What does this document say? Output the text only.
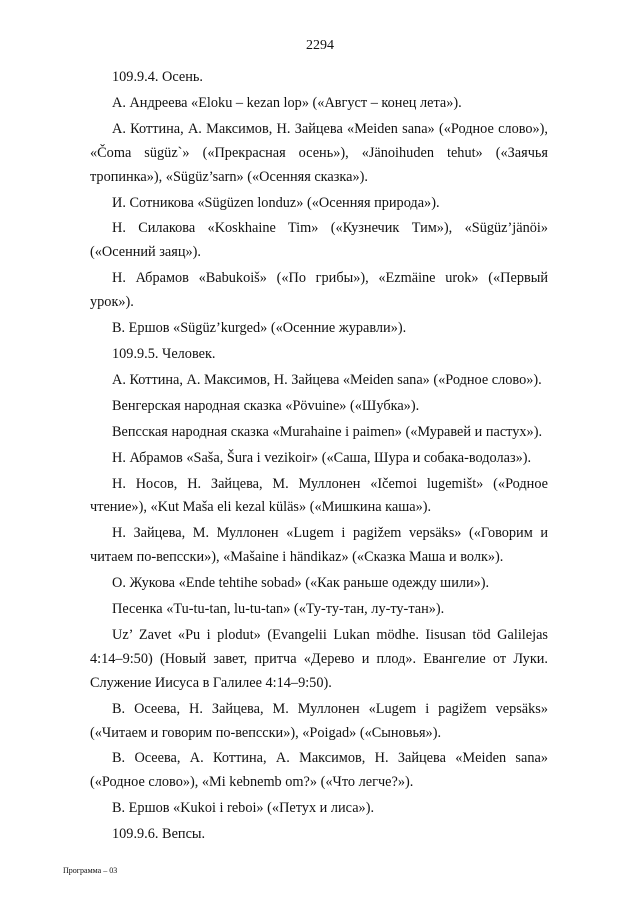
2294

109.9.4. Осень.

А. Андреева «Eloku – kezan lop» («Август – конец лета»).

А. Коттина, А. Максимов, Н. Зайцева «Meiden sana» («Родное слово»), «Čoma sügüz`» («Прекрасная осень»), «Jänoihuden tehut» («Заячья тропинка»), «Sügüz’sarn» («Осенняя сказка»).

И. Сотникова «Sügüzen londuz» («Осенняя природа»).

Н. Силакова «Koskhaine Tim» («Кузнечик Тим»), «Sügüz’jänöi» («Осенний заяц»).

Н. Абрамов «Babukoiš» («По грибы»), «Ezmäine urok» («Первый урок»).

В. Ершов «Sügüz’kurged» («Осенние журавли»).

109.9.5. Человек.

А. Коттина, А. Максимов, Н. Зайцева «Meiden sana» («Родное слово»).

Венгерская народная сказка «Pövuine» («Шубка»).

Вепсская народная сказка «Murahaine i paimen» («Муравей и пастух»).

Н. Абрамов «Saša, Šura i vezikoir» («Саша, Шура и собака-водолаз»).

Н. Носов, Н. Зайцева, М. Муллонен «Ičemoi lugemišt» («Родное чтение»), «Kut Maša eli kezal küläs» («Мишкина каша»).

Н. Зайцева, М. Муллонен «Lugem i pagižem vepsäks» («Говорим и читаем по-вепсски»), «Mašaine i händikaz» («Сказка Маша и волк»).

О. Жукова «Ende tehtihe sobad» («Как раньше одежду шили»).

Песенка «Tu-tu-tan, lu-tu-tan» («Ту-ту-тан, лу-ту-тан»).

Uz’ Zavet «Pu i plodut» (Evangelii Lukan mödhe. Iisusan töd Galilejas 4:14–9:50) (Новый завет, притча «Дерево и плод». Евангелие от Луки. Служение Иисуса в Галилее 4:14–9:50).

В. Осеева, Н. Зайцева, М. Муллонен «Lugem i pagižem vepsäks» («Читаем и говорим по-вепсски»), «Poigad» («Сыновья»).

В. Осеева, А. Коттина, А. Максимов, Н. Зайцева «Meiden sana» («Родное слово»), «Mi kebnemb om?» («Что легче?»).

В. Ершов «Kukoi i reboi» («Петух и лиса»).

109.9.6. Вепсы.

Программа – 03
